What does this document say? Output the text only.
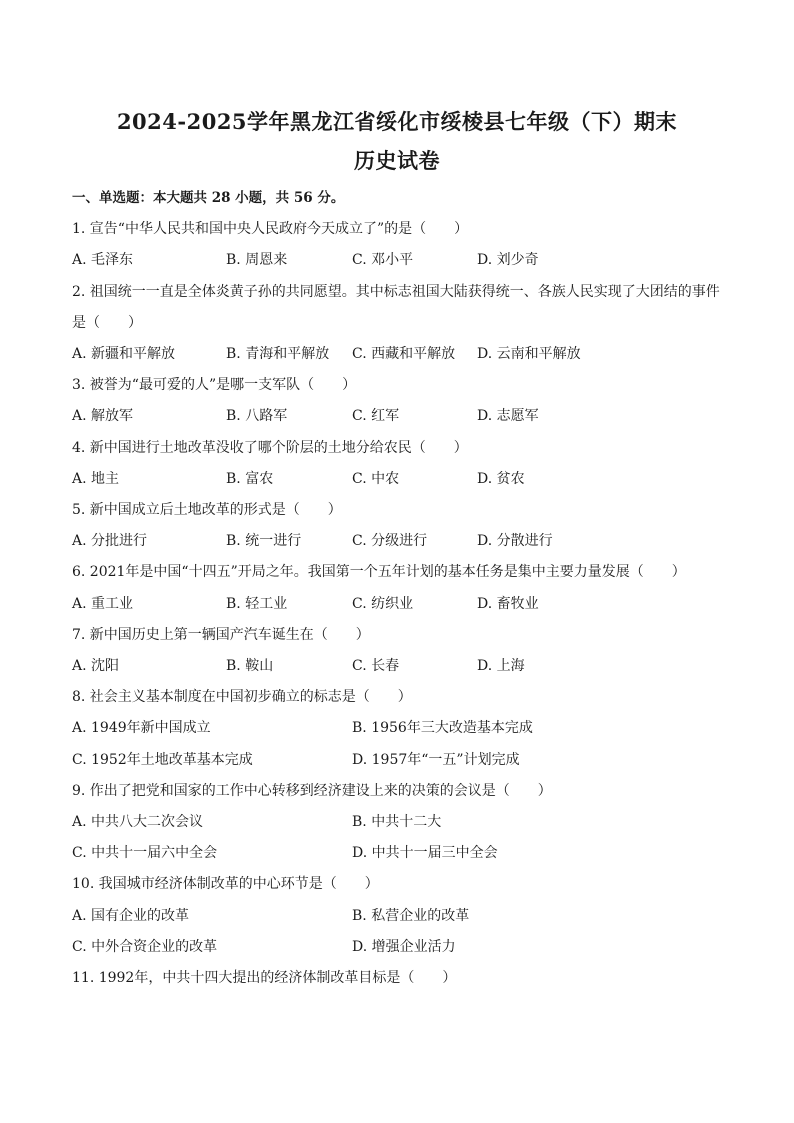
2024-2025学年黑龙江省绥化市绥棱县七年级（下）期末
历史试卷
一、单选题：本大题共 28 小题，共 56 分。
1. 宣告“中华人民共和国中央人民政府今天成立了”的是（　　）
A. 毛泽东	B. 周恩来	C. 邓小平	D. 刘少奇
2. 祖国统一一直是全体炎黄子孙的共同愿望。其中标志祖国大陆获得统一、各族人民实现了大团结的事件
是（　　）
A. 新疆和平解放	B. 青海和平解放 C. 西藏和平解放 D. 云南和平解放
3. 被誉为“最可爱的人”是哪一支军队（　　）
A. 解放军	B. 八路军	C. 红军	D. 志愿军
4. 新中国进行土地改革没收了哪个阶层的土地分给农民（　　）
A. 地主	B. 富农	C. 中农	D. 贫农
5. 新中国成立后土地改革的形式是（　　）
A. 分批进行	B. 统一进行	C. 分级进行	D. 分散进行
6. 2021年是中国“十四五”开局之年。我国第一个五年计划的基本任务是集中主要力量发展（　　）
A. 重工业	B. 轻工业	C. 纺织业	D. 畜牧业
7. 新中国历史上第一辆国产汽车诞生在（　　）
A. 沈阳	B. 鞍山	C. 长春	D. 上海
8. 社会主义基本制度在中国初步确立的标志是（　　）
A. 1949年新中国成立	B. 1956年三大改造基本完成
C. 1952年土地改革基本完成	D. 1957年“一五”计划完成
9. 作出了把党和国家的工作中心转移到经济建设上来的决策的会议是（　　）
A. 中共八大二次会议	B. 中共十二大
C. 中共十一届六中全会	D. 中共十一届三中全会
10. 我国城市经济体制改革的中心环节是（　　）
A. 国有企业的改革	B. 私营企业的改革
C. 中外合资企业的改革	D. 增强企业活力
11. 1992年，中共十四大提出的经济体制改革目标是（　　）
